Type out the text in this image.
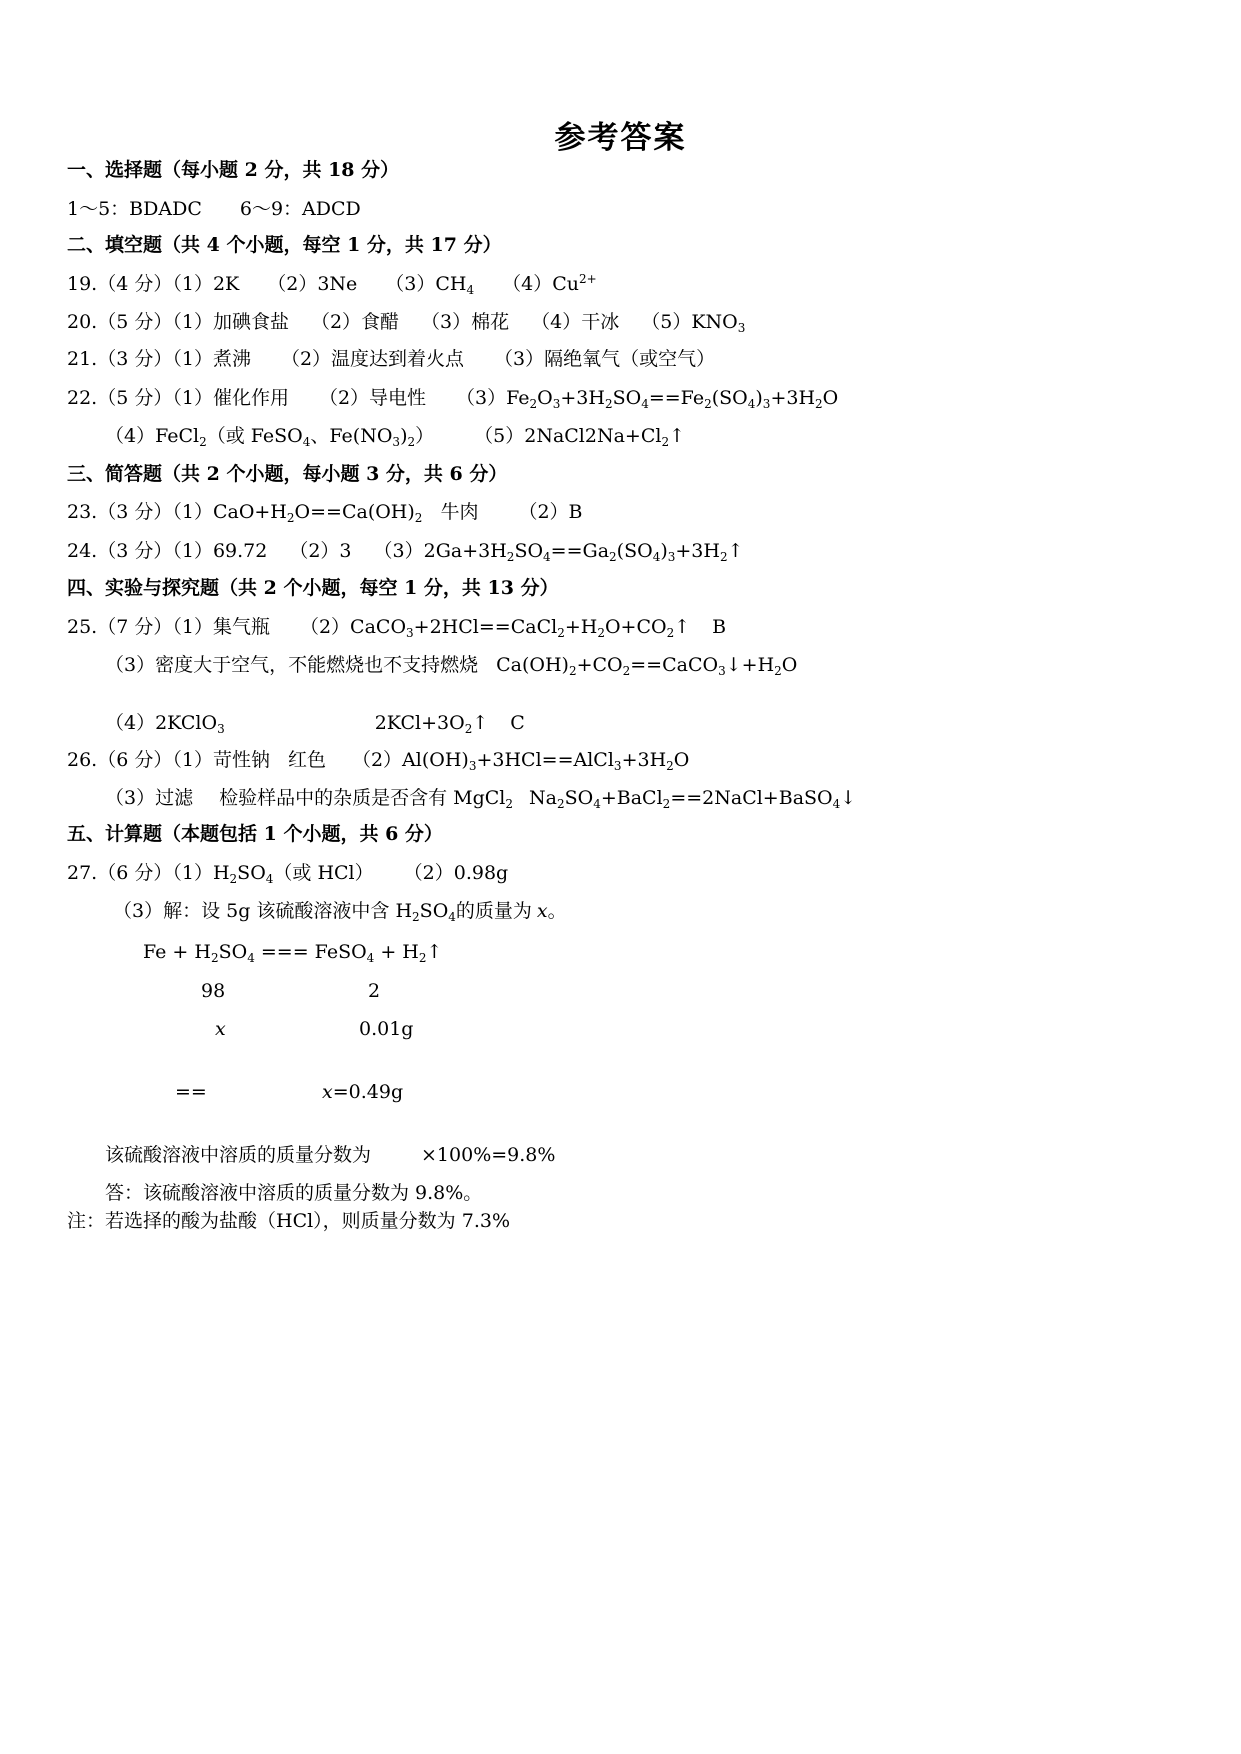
参考答案
一、选择题（每小题 2 分，共 18 分）
1～5：BDADC 6～9：ADCD
二、填空题（共 4 个小题，每空 1 分，共 17 分）
19.（4 分）（1）2K （2）3Ne $(3)CH_4$ $(4)Cu^{2+}$
20.（5 分）（1）加碘食盐 （2）食醋 （3）棉花 （4）干冰 $(5)KNO_3$
21.（3 分）（1）煮沸 （2）温度达到着火点 （3）隔绝氧气（或空气）
22.（5 分）（1）催化作用 （2）导电性 $(3)Fe_2O_3+3H_2SO_4==Fe_2(SO_4)_3+3H_2O$
（4）FeCl$_2$（或 FeSO$_4$、$Fe(NO_3)_2$） $(5)2NaCl2Na+Cl_2↑$
三、简答题（共 2 个小题，每小题 3 分，共 6 分）
23.（3 分）$(1)CaO+H_2O==Ca(OH)_2$ 牛肉 （2）B
24.（3 分）（1）69.72 （2）3 $(3)2Ga+3H_2SO_4==Ga_2(SO_4)_3+3H_2↑$
四、实验与探究题（共 2 个小题，每空 1 分，共 13 分）
25.（7 分）（1）集气瓶 $(2)CaCO_3+2HCl==CaCl_2+H_2O+CO_2↑$ B
（3）密度大于空气，不能燃烧也不支持燃烧 $Ca(OH)_2+CO_2==CaCO_3↓+H_2O$
（4）2KClO$_3$	$2KCl+3O_2↑$ C
26.（6 分）（1）苛性钠 红色 $(2)Al(OH)_3+3HCl==AlCl_3+3H_2O$
（3）过滤 检验样品中的杂质是否含有 MgCl$_2$ $Na_2SO_4+BaCl_2==2NaCl+BaSO_4↓$
五、计算题（本题包括 1 个小题，共 6 分）
27.（6 分）$(1)H_2SO_4$（或 HCl） （2）0.98g
（3）解：设 5g 该硫酸溶液中含 $H_2SO_4$的质量为 x。
$Fe + H_2SO_4$ === FeSO$_4$ + $H_2↑$
98	2
x	0.01g
==	x=0.49g
该硫酸溶液中溶质的质量分数为	×100%=9.8%
答：该硫酸溶液中溶质的质量分数为 9.8%。
注：若选择的酸为盐酸（HCl），则质量分数为 7.3%
